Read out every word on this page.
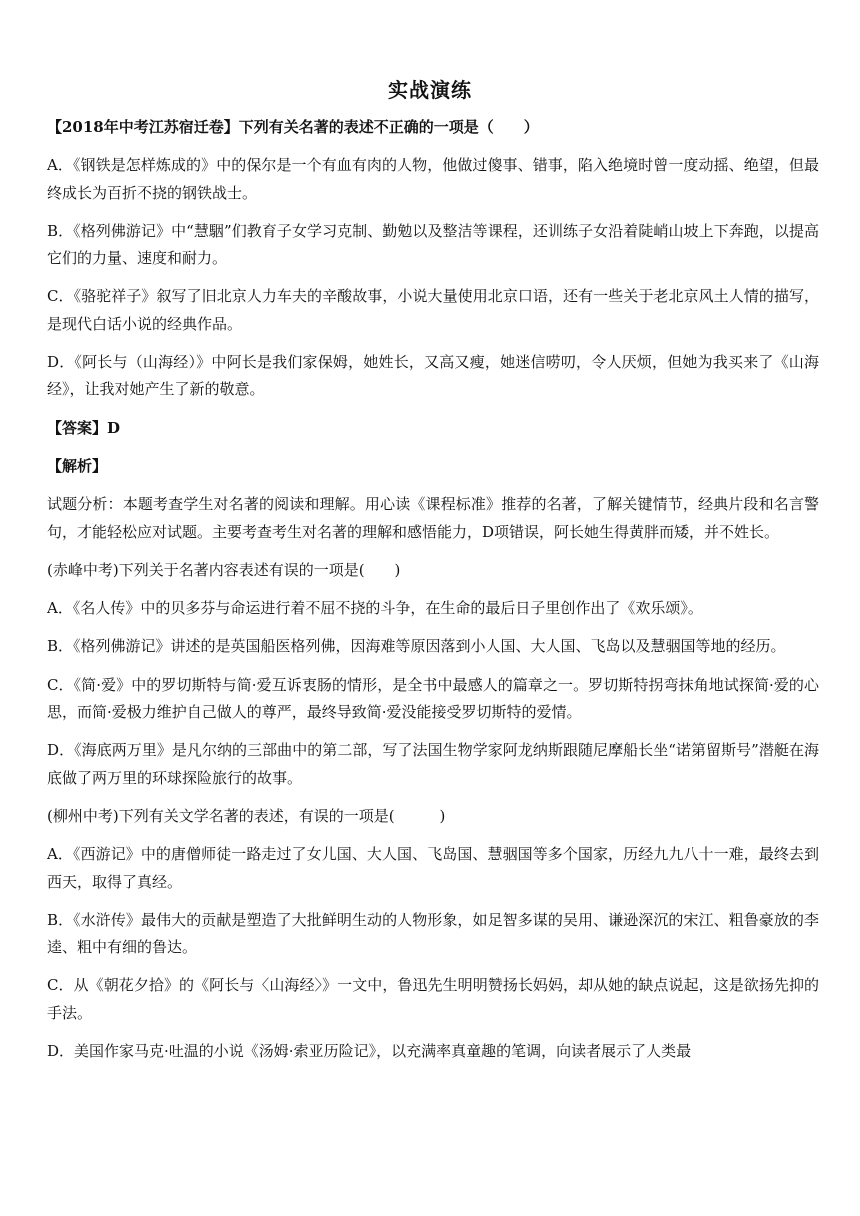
实战演练

【2018年中考江苏宿迁卷】下列有关名著的表述不正确的一项是（　　）

A．《钢铁是怎样炼成的》中的保尔是一个有血有肉的人物，他做过傻事、错事，陷入绝境时曾一度动摇、绝望，但最终成长为百折不挠的钢铁战士。

B．《格列佛游记》中“慧駰”们教育子女学习克制、勤勉以及整洁等课程，还训练子女沿着陡峭山坡上下奔跑，以提高它们的力量、速度和耐力。

C．《骆驼祥子》叙写了旧北京人力车夫的辛酸故事，小说大量使用北京口语，还有一些关于老北京风土人情的描写，是现代白话小说的经典作品。

D．《阿长与（山海经）》中阿长是我们家保姆，她姓长，又高又瘦，她迷信唠叨，令人厌烦，但她为我买来了《山海经》，让我对她产生了新的敬意。

【答案】D

【解析】

试题分析：本题考查学生对名著的阅读和理解。用心读《课程标准》推荐的名著，了解关键情节，经典片段和名言警句，才能轻松应对试题。主要考查考生对名著的理解和感悟能力，D项错误，阿长她生得黄胖而矮，并不姓长。

(赤峰中考)下列关于名著内容表述有误的一项是(　　)

A．《名人传》中的贝多芬与命运进行着不屈不挠的斗争，在生命的最后日子里创作出了《欢乐颂》。

B．《格列佛游记》讲述的是英国船医格列佛，因海难等原因落到小人国、大人国、飞岛以及慧骃国等地的经历。

C．《简·爱》中的罗切斯特与简·爱互诉衷肠的情形，是全书中最感人的篇章之一。罗切斯特拐弯抹角地试探简·爱的心思，而简·爱极力维护自己做人的尊严，最终导致简·爱没能接受罗切斯特的爱情。

D．《海底两万里》是凡尔纳的三部曲中的第二部，写了法国生物学家阿龙纳斯跟随尼摩船长坐“诺第留斯号”潜艇在海底做了两万里的环球探险旅行的故事。

(柳州中考)下列有关文学名著的表述，有误的一项是(　　　)

A．《西游记》中的唐僧师徒一路走过了女儿国、大人国、飞岛国、慧骃国等多个国家，历经九九八十一难，最终去到西天，取得了真经。

B．《水浒传》最伟大的贡献是塑造了大批鲜明生动的人物形象，如足智多谋的吴用、谦逊深沉的宋江、粗鲁豪放的李逵、粗中有细的鲁达。

C．从《朝花夕拾》的《阿长与〈山海经〉》一文中，鲁迅先生明明赞扬长妈妈，却从她的缺点说起，这是欲扬先抑的手法。

D．美国作家马克·吐温的小说《汤姆·索亚历险记》，以充满率真童趣的笔调，向读者展示了人类最
